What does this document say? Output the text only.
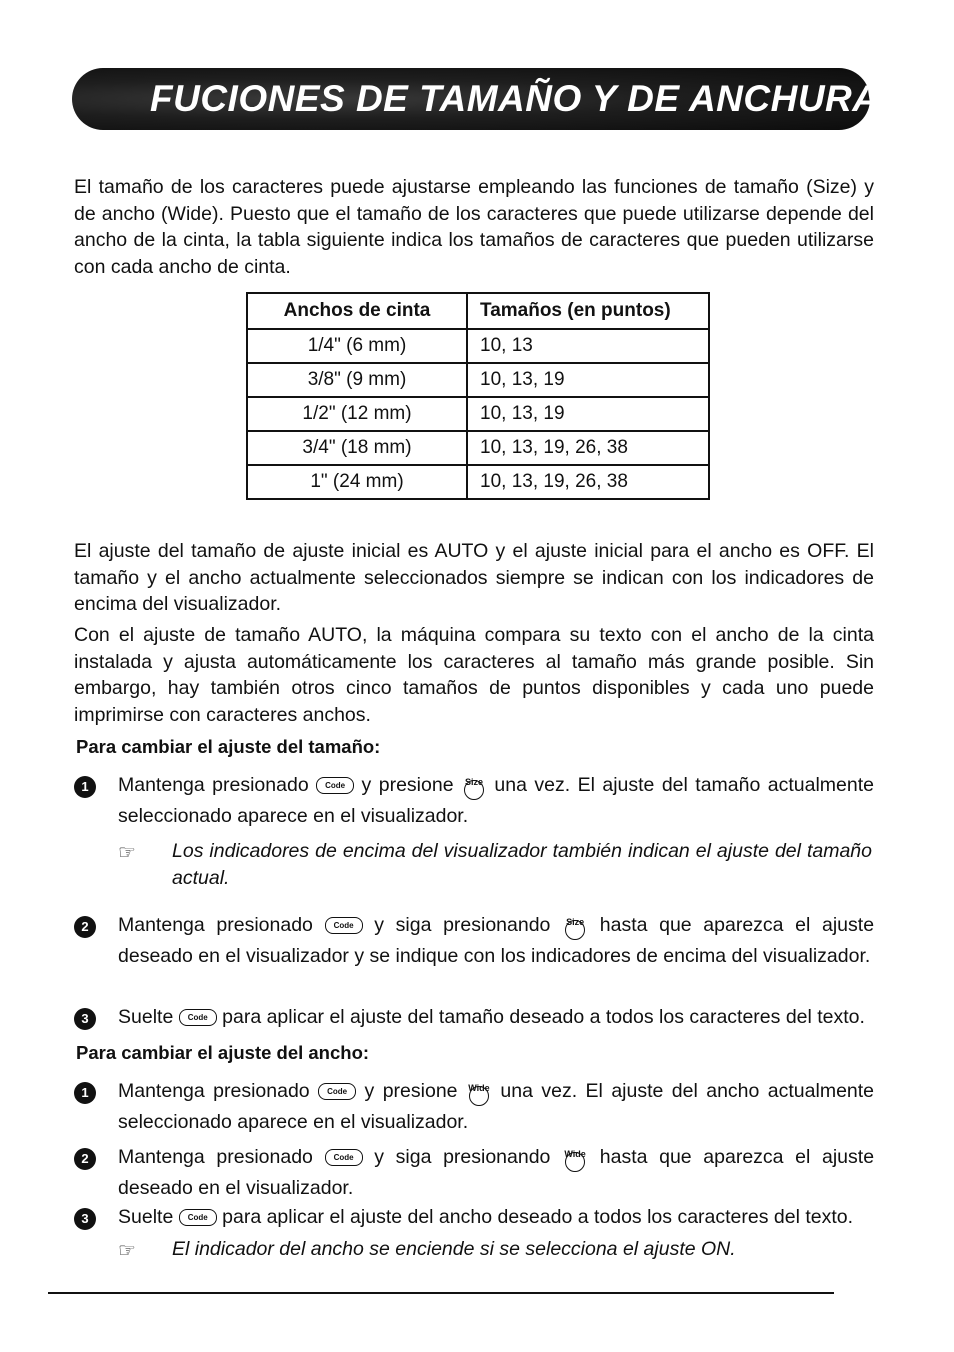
FUCIONES DE TAMAÑO Y DE ANCHURA

El tamaño de los caracteres puede ajustarse empleando las funciones de tamaño (Size) y de ancho (Wide). Puesto que el tamaño de los caracteres que puede utilizarse depende del ancho de la cinta, la tabla siguiente indica los tamaños de caracteres que pueden utilizarse con cada ancho de cinta.

Anchos de cinta	Tamaños (en puntos)
1/4" (6 mm)	10, 13
3/8" (9 mm)	10, 13, 19
1/2" (12 mm)	10, 13, 19
3/4" (18 mm)	10, 13, 19, 26, 38
1" (24 mm)	10, 13, 19, 26, 38

El ajuste del tamaño de ajuste inicial es AUTO y el ajuste inicial para el ancho es OFF. El tamaño y el ancho actualmente seleccionados siempre se indican con los indicadores de encima del visualizador.

Con el ajuste de tamaño AUTO, la máquina compara su texto con el ancho de la cinta instalada y ajusta automáticamente los caracteres al tamaño más grande posible. Sin embargo, hay también otros cinco tamaños de puntos disponibles y cada uno puede imprimirse con caracteres anchos.

Para cambiar el ajuste del tamaño:
1	Mantenga presionado Code y presione	Size una vez. El ajuste del tamaño actualmente seleccionado aparece en el visualizador.

☞ Los indicadores de encima del visualizador también indican el ajuste del tamaño actual.

2	Mantenga presionado	Code y siga presionando	Size hasta que aparezca el ajuste deseado en el visualizador y se indique con los indicadores de encima del visualizador.

3	Suelte Code para aplicar el ajuste del tamaño deseado a todos los caracteres del texto.

Para cambiar el ajuste del ancho:
1	Mantenga presionado Code y presione Wide una vez. El ajuste del ancho actualmente seleccionado aparece en el visualizador.

2	Mantenga presionado	Code y siga presionando Wide hasta que aparezca el ajuste deseado en el visualizador.

3	Suelte Code para aplicar el ajuste del ancho deseado a todos los caracteres del texto.

☞ El indicador del ancho se enciende si se selecciona el ajuste ON.
